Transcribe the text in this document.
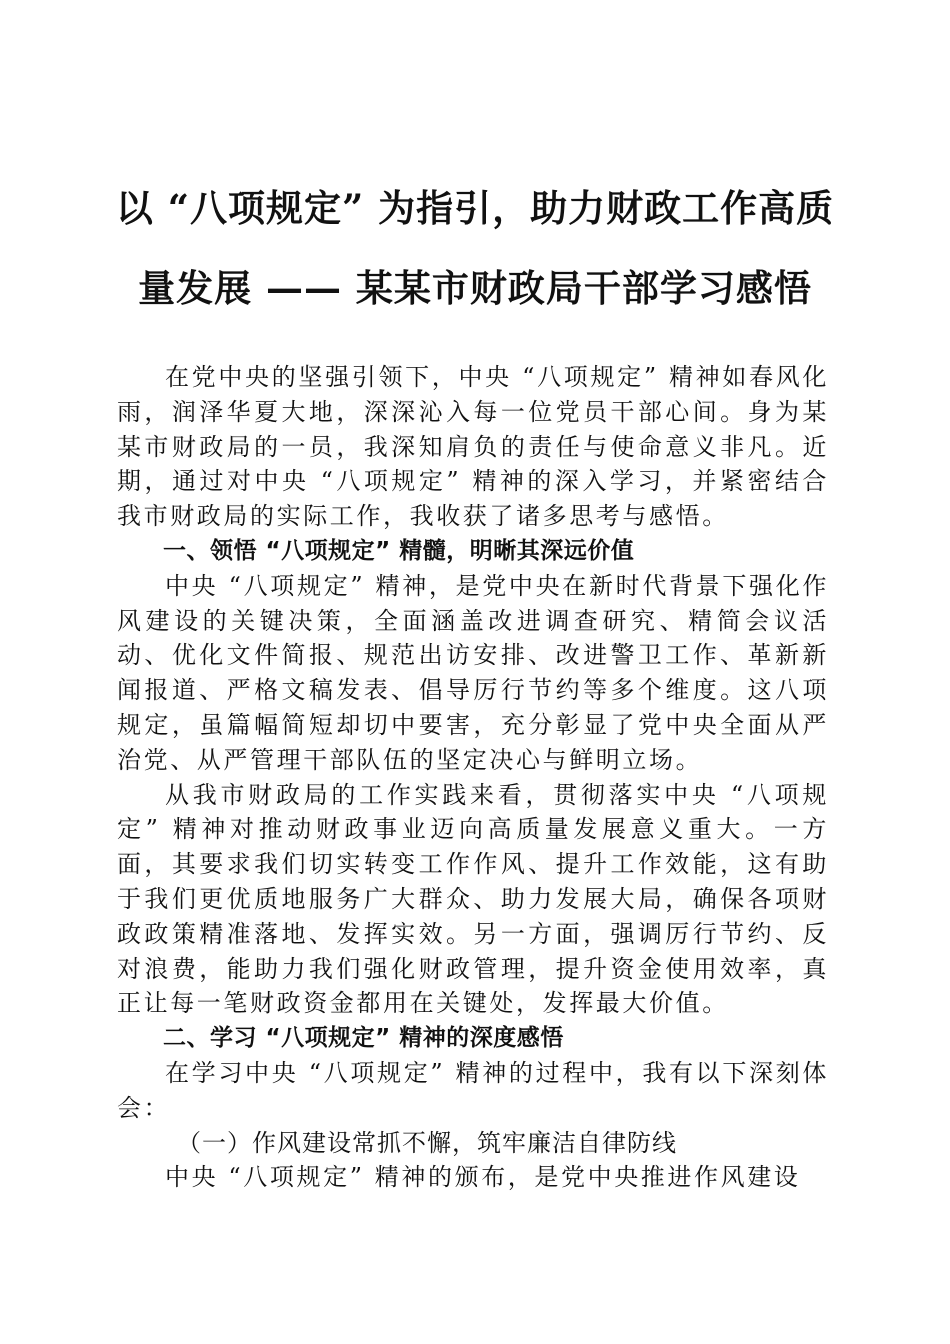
以 “八项规定” 为指引，助力财政工作高质量发展 —— 某某市财政局干部学习感悟

在党中央的坚强引领下，中央 “八项规定” 精神如春风化雨，润泽华夏大地，深深沁入每一位党员干部心间。身为某某市财政局的一员，我深知肩负的责任与使命意义非凡。近期，通过对中央 “八项规定” 精神的深入学习，并紧密结合我市财政局的实际工作，我收获了诸多思考与感悟。

一、领悟 “八项规定” 精髓，明晰其深远价值

中央 “八项规定” 精神，是党中央在新时代背景下强化作风建设的关键决策，全面涵盖改进调查研究、精简会议活动、优化文件简报、规范出访安排、改进警卫工作、革新新闻报道、严格文稿发表、倡导厉行节约等多个维度。这八项规定，虽篇幅简短却切中要害，充分彰显了党中央全面从严治党、从严管理干部队伍的坚定决心与鲜明立场。

从我市财政局的工作实践来看，贯彻落实中央 “八项规定” 精神对推动财政事业迈向高质量发展意义重大。一方面，其要求我们切实转变工作作风、提升工作效能，这有助于我们更优质地服务广大群众、助力发展大局，确保各项财政政策精准落地、发挥实效。另一方面，强调厉行节约、反对浪费，能助力我们强化财政管理，提升资金使用效率，真正让每一笔财政资金都用在关键处，发挥最大价值。

二、学习 “八项规定” 精神的深度感悟

在学习中央 “八项规定” 精神的过程中，我有以下深刻体会：

（一）作风建设常抓不懈，筑牢廉洁自律防线

中央 “八项规定” 精神的颁布，是党中央推进作风建设
